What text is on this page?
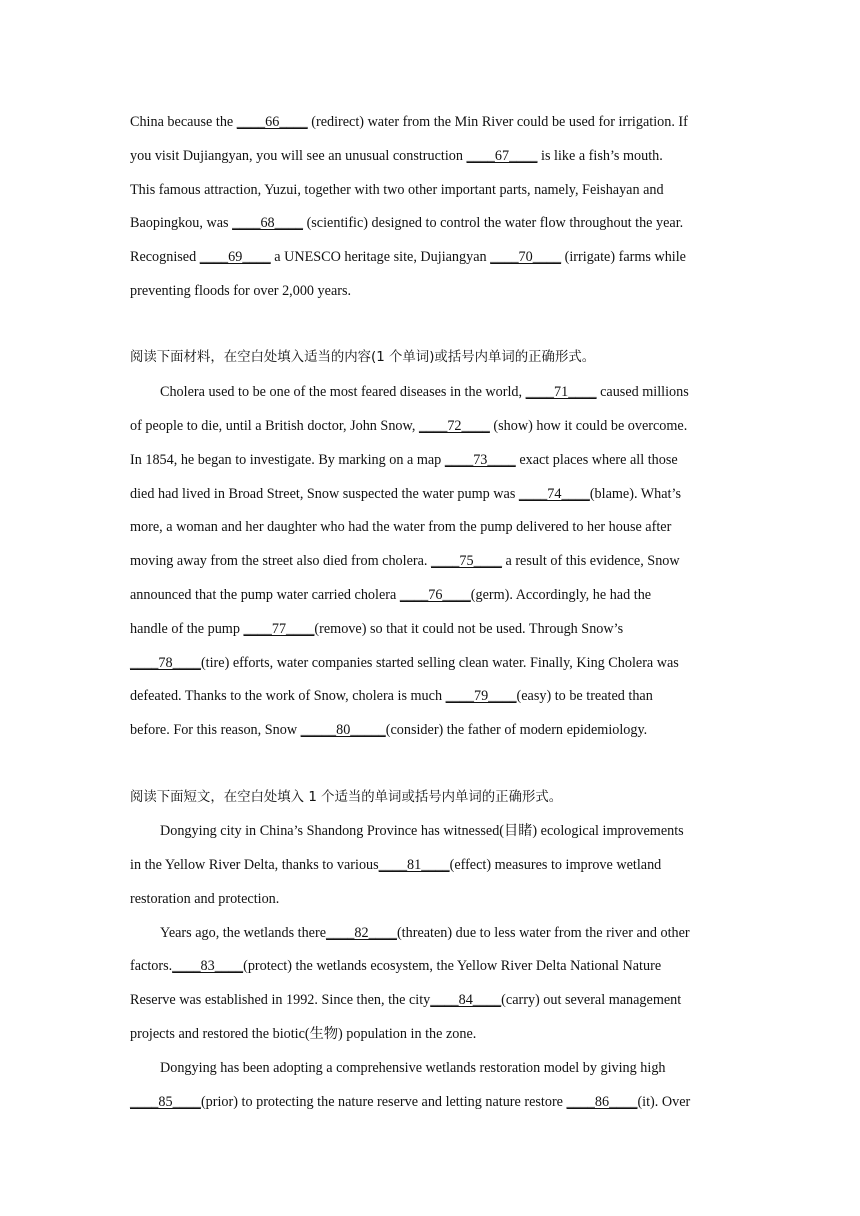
China because the ____66____ (redirect) water from the Min River could be used for irrigation. If
you visit Dujiangyan, you will see an unusual construction ____67____ is like a fish’s mouth.
This famous attraction, Yuzui, together with two other important parts, namely, Feishayan and
Baopingkou, was ____68____ (scientific) designed to control the water flow throughout the year.
Recognised ____69____ a UNESCO heritage site, Dujiangyan ____70____ (irrigate) farms while
preventing floods for over 2,000 years.
阅读下面材料，在空白处填入适当的内容(1 个单词)或括号内单词的正确形式。
Cholera used to be one of the most feared diseases in the world, ____71____ caused millions
of people to die, until a British doctor, John Snow, ____72____ (show) how it could be overcome.
In 1854, he began to investigate. By marking on a map ____73____ exact places where all those
died had lived in Broad Street, Snow suspected the water pump was ____74____(blame). What’s
more, a woman and her daughter who had the water from the pump delivered to her house after
moving away from the street also died from cholera. ____75____ a result of this evidence, Snow
announced that the pump water carried cholera ____76____(germ). Accordingly, he had the
handle of the pump ____77____(remove) so that it could not be used. Through Snow’s
____78____(tire) efforts, water companies started selling clean water. Finally, King Cholera was
defeated. Thanks to the work of Snow, cholera is much ____79____(easy) to be treated than
before. For this reason, Snow _____80_____(consider) the father of modern epidemiology.
阅读下面短文，在空白处填入 1 个适当的单词或括号内单词的正确形式。
Dongying city in China’s Shandong Province has witnessed(目睹) ecological improvements
in the Yellow River Delta, thanks to various____81____(effect) measures to improve wetland
restoration and protection.
Years ago, the wetlands there____82____(threaten) due to less water from the river and other
factors.____83____(protect) the wetlands ecosystem, the Yellow River Delta National Nature
Reserve was established in 1992. Since then, the city____84____(carry) out several management
projects and restored the biotic(生物) population in the zone.
Dongying has been adopting a comprehensive wetlands restoration model by giving high
____85____(prior) to protecting the nature reserve and letting nature restore ____86____(it). Over
